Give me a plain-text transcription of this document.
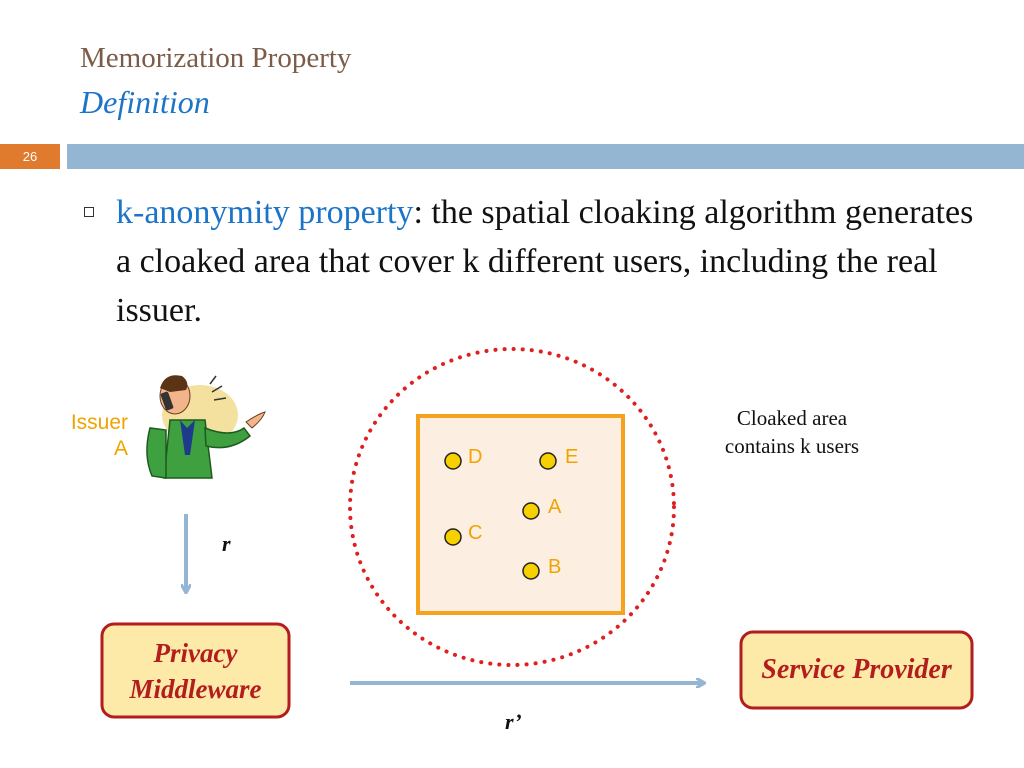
Memorization Property
Definition
26
k-anonymity property: the spatial cloaking algorithm generates a cloaked area that cover k different users, including the real issuer.
Issuer
A	D	E
A
C
B
Cloaked area
contains k users
r
r’
Privacy
Middleware
Service Provider
